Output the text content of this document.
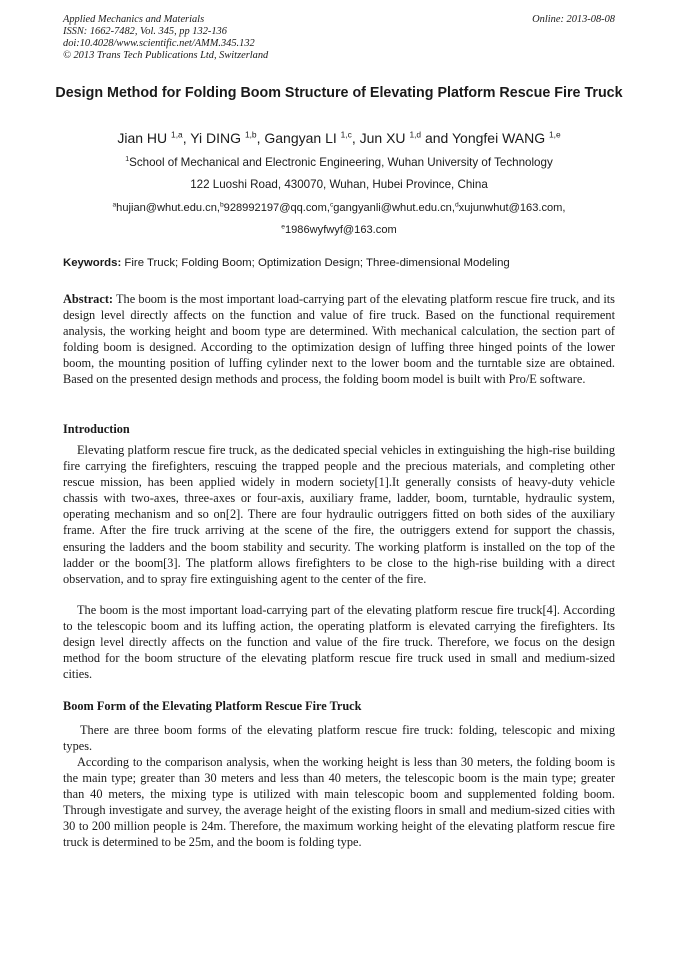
Applied Mechanics and Materials
ISSN: 1662-7482, Vol. 345, pp 132-136
doi:10.4028/www.scientific.net/AMM.345.132
© 2013 Trans Tech Publications Ltd, Switzerland
Online: 2013-08-08
Design Method for Folding Boom Structure of Elevating Platform Rescue Fire Truck
Jian HU $^{1,a}$, Yi DING $^{1,b}$, Gangyan LI $^{1,c}$, Jun XU $^{1,d}$ and Yongfei WANG $^{1,e}$
$^1$School of Mechanical and Electronic Engineering, Wuhan University of Technology
122 Luoshi Road, 430070, Wuhan, Hubei Province, China
$^a$hujian@whut.edu.cn,$^b$928992197@qq.com,$^c$gangyanli@whut.edu.cn,$^d$xujunwhut@163.com,
$^e$1986wyfwyf@163.com
Keywords: Fire Truck; Folding Boom; Optimization Design; Three-dimensional Modeling
Abstract: The boom is the most important load-carrying part of the elevating platform rescue fire truck, and its design level directly affects on the function and value of fire truck. Based on the functional requirement analysis, the working height and boom type are determined. With mechanical calculation, the section part of folding boom is designed. According to the optimization design of luffing three hinged points of the lower boom, the mounting position of luffing cylinder next to the lower boom and the turntable size are obtained. Based on the presented design methods and process, the folding boom model is built with Pro/E software.
Introduction
Elevating platform rescue fire truck, as the dedicated special vehicles in extinguishing the high-rise building fire carrying the firefighters, rescuing the trapped people and the precious materials, and completing other rescue mission, has been applied widely in modern society[1].It generally consists of heavy-duty vehicle chassis with two-axes, three-axes or four-axis, auxiliary frame, ladder, boom, turntable, hydraulic system, operating mechanism and so on[2]. There are four hydraulic outriggers fitted on both sides of the auxiliary frame. After the fire truck arriving at the scene of the fire, the outriggers extend for support the chassis, ensuring the ladders and the boom stability and security. The working platform is installed on the top of the ladder or the boom[3]. The platform allows firefighters to be close to the high-rise building with a direct observation, and to spray fire extinguishing agent to the center of the fire.
The boom is the most important load-carrying part of the elevating platform rescue fire truck[4]. According to the telescopic boom and its luffing action, the operating platform is elevated carrying the firefighters. Its design level directly affects on the function and value of the fire truck. Therefore, we focus on the design method for the boom structure of the elevating platform rescue fire truck used in small and medium-sized cities.
Boom Form of the Elevating Platform Rescue Fire Truck
There are three boom forms of the elevating platform rescue fire truck: folding, telescopic and mixing types.
According to the comparison analysis, when the working height is less than 30 meters, the folding boom is the main type; greater than 30 meters and less than 40 meters, the telescopic boom is the main type; greater than 40 meters, the mixing type is utilized with main telescopic boom and supplemented folding boom. Through investigate and survey, the average height of the existing floors in small and medium-sized cities with 30 to 200 million people is 24m. Therefore, the maximum working height of the elevating platform rescue fire truck is determined to be 25m, and the boom is folding type.
